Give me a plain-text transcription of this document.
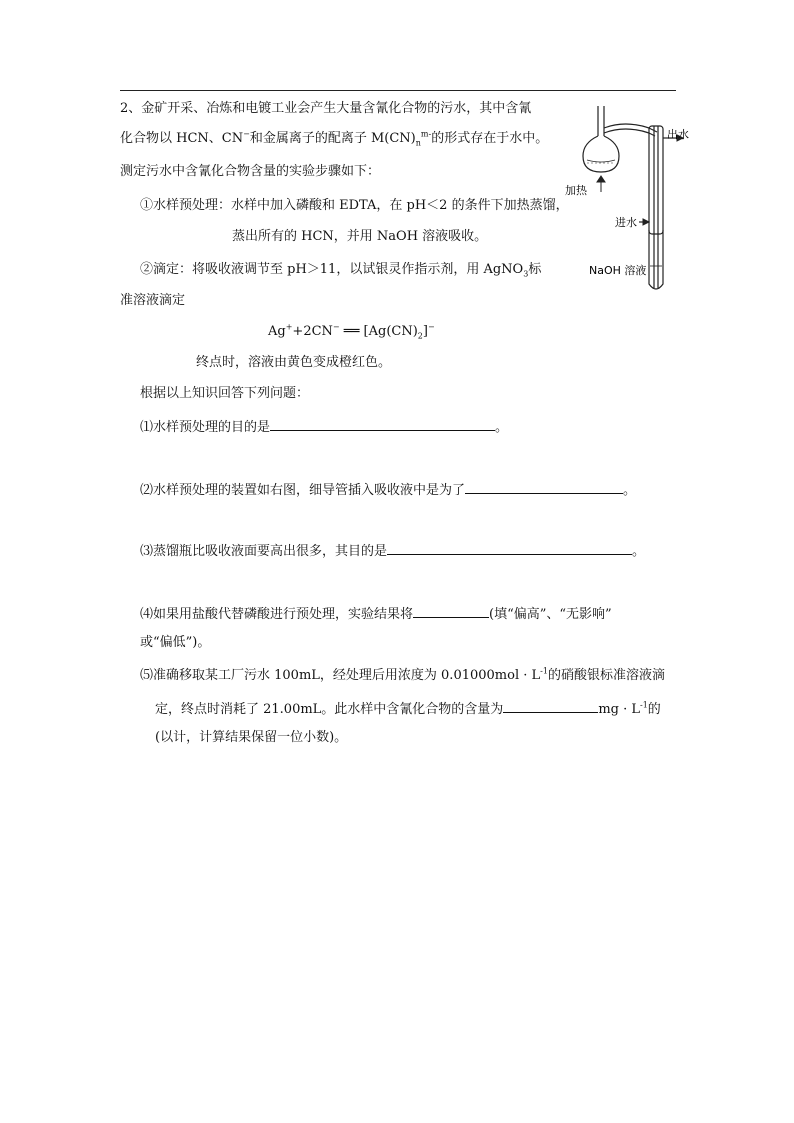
2、金矿开采、冶炼和电镀工业会产生大量含氰化合物的污水，其中含氰
化合物以 HCN、CN−和金属离子的配离子 $M(CN)_n^{m-}$的形式存在于水中。
测定污水中含氰化合物含量的实验步骤如下：
①水样预处理：水样中加入磷酸和 EDTA，在 pH＜2 的条件下加热蒸馏，
蒸出所有的 HCN，并用 NaOH 溶液吸收。
②滴定：将吸收液调节至 pH＞11，以试银灵作指示剂，用 AgNO$_3$标
准溶液滴定
Ag++2CN− ══ $[Ag(CN)_2]^-$
终点时，溶液由黄色变成橙红色。
根据以上知识回答下列问题：
⑴水样预处理的目的是	。
⑵水样预处理的装置如右图，细导管插入吸收液中是为了	。
⑶蒸馏瓶比吸收液面要高出很多，其目的是	。
⑷如果用盐酸代替磷酸进行预处理，实验结果将	(填“偏高”、“无影响”
或“偏低”)。
⑸准确移取某工厂污水 100mL，经处理后用浓度为 $0.01000mol \cdot L^{-1}$的硝酸银标准溶液滴
定，终点时消耗了 21.00mL。此水样中含氰化合物的含量为	mg · $L^{-1}$的
(以计，计算结果保留一位小数)。
出水
加热
进水
NaOH 溶液
